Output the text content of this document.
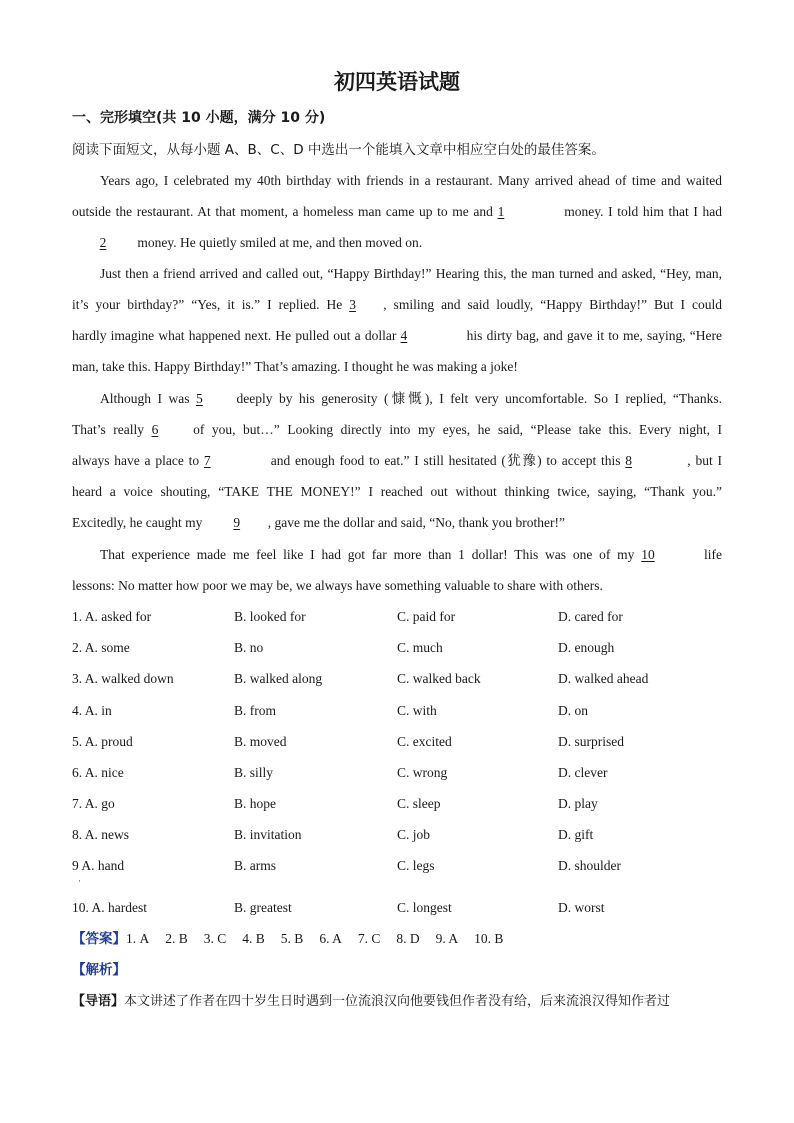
初四英语试题
一、完形填空(共 10 小题，满分 10 分)
阅读下面短文，从每小题 A、B、C、D 中选出一个能填入文章中相应空白处的最佳答案。
Years ago, I celebrated my 40th birthday with friends in a restaurant. Many arrived ahead of time and waited
outside the restaurant. At that moment, a homeless man came up to me and 1	money. I told him that I had
2 money. He quietly smiled at me, and then moved on.
Just then a friend arrived and called out, “Happy Birthday!” Hearing this, the man turned and asked, “Hey, man,
it’s your birthday?” “Yes, it is.” I replied. He 3 , smiling and said loudly, “Happy Birthday!” But I could
hardly imagine what happened next. He pulled out a dollar 4	his dirty bag, and gave it to me, saying, “Here
man, take this. Happy Birthday!” That’s amazing. I thought he was making a joke!
Although I was 5	deeply by his generosity (慷慨), I felt very uncomfortable. So I replied, “Thanks.
That’s really 6	of you, but…” Looking directly into my eyes, he said, “Please take this. Every night, I
always have a place to 7	and enough food to eat.” I still hesitated (犹豫) to accept this 8	, but I
heard a voice shouting, “TAKE THE MONEY!” I reached out without thinking twice, saying, “Thank you.”
Excitedly, he caught my 9 , gave me the dollar and said, “No, thank you brother!”
That experience made me feel like I had got far more than 1 dollar! This was one of my 10	life
lessons: No matter how poor we may be, we always have something valuable to share with others.
1. A. asked for	B. looked for	C. paid for	D. cared for
2. A. some	B. no	C. much	D. enough
3. A. walked down	B. walked along	C. walked back	D. walked ahead
4. A. in	B. from	C. with	D. on
5. A. proud	B. moved	C. excited	D. surprised
6. A. nice	B. silly	C. wrong	D. clever
7. A. go	B. hope	C. sleep	D. play
8. A. news	B. invitation	C. job	D. gift
9 A. hand	B. arms	C. legs	D. shoulder
·
10. A. hardest	B. greatest	C. longest	D. worst
【答案】1. A 2. B 3. C 4. B 5. B 6. A 7. C 8. D 9. A 10. B
【解析】
【导语】本文讲述了作者在四十岁生日时遇到一位流浪汉向他要钱但作者没有给，后来流浪汉得知作者过
